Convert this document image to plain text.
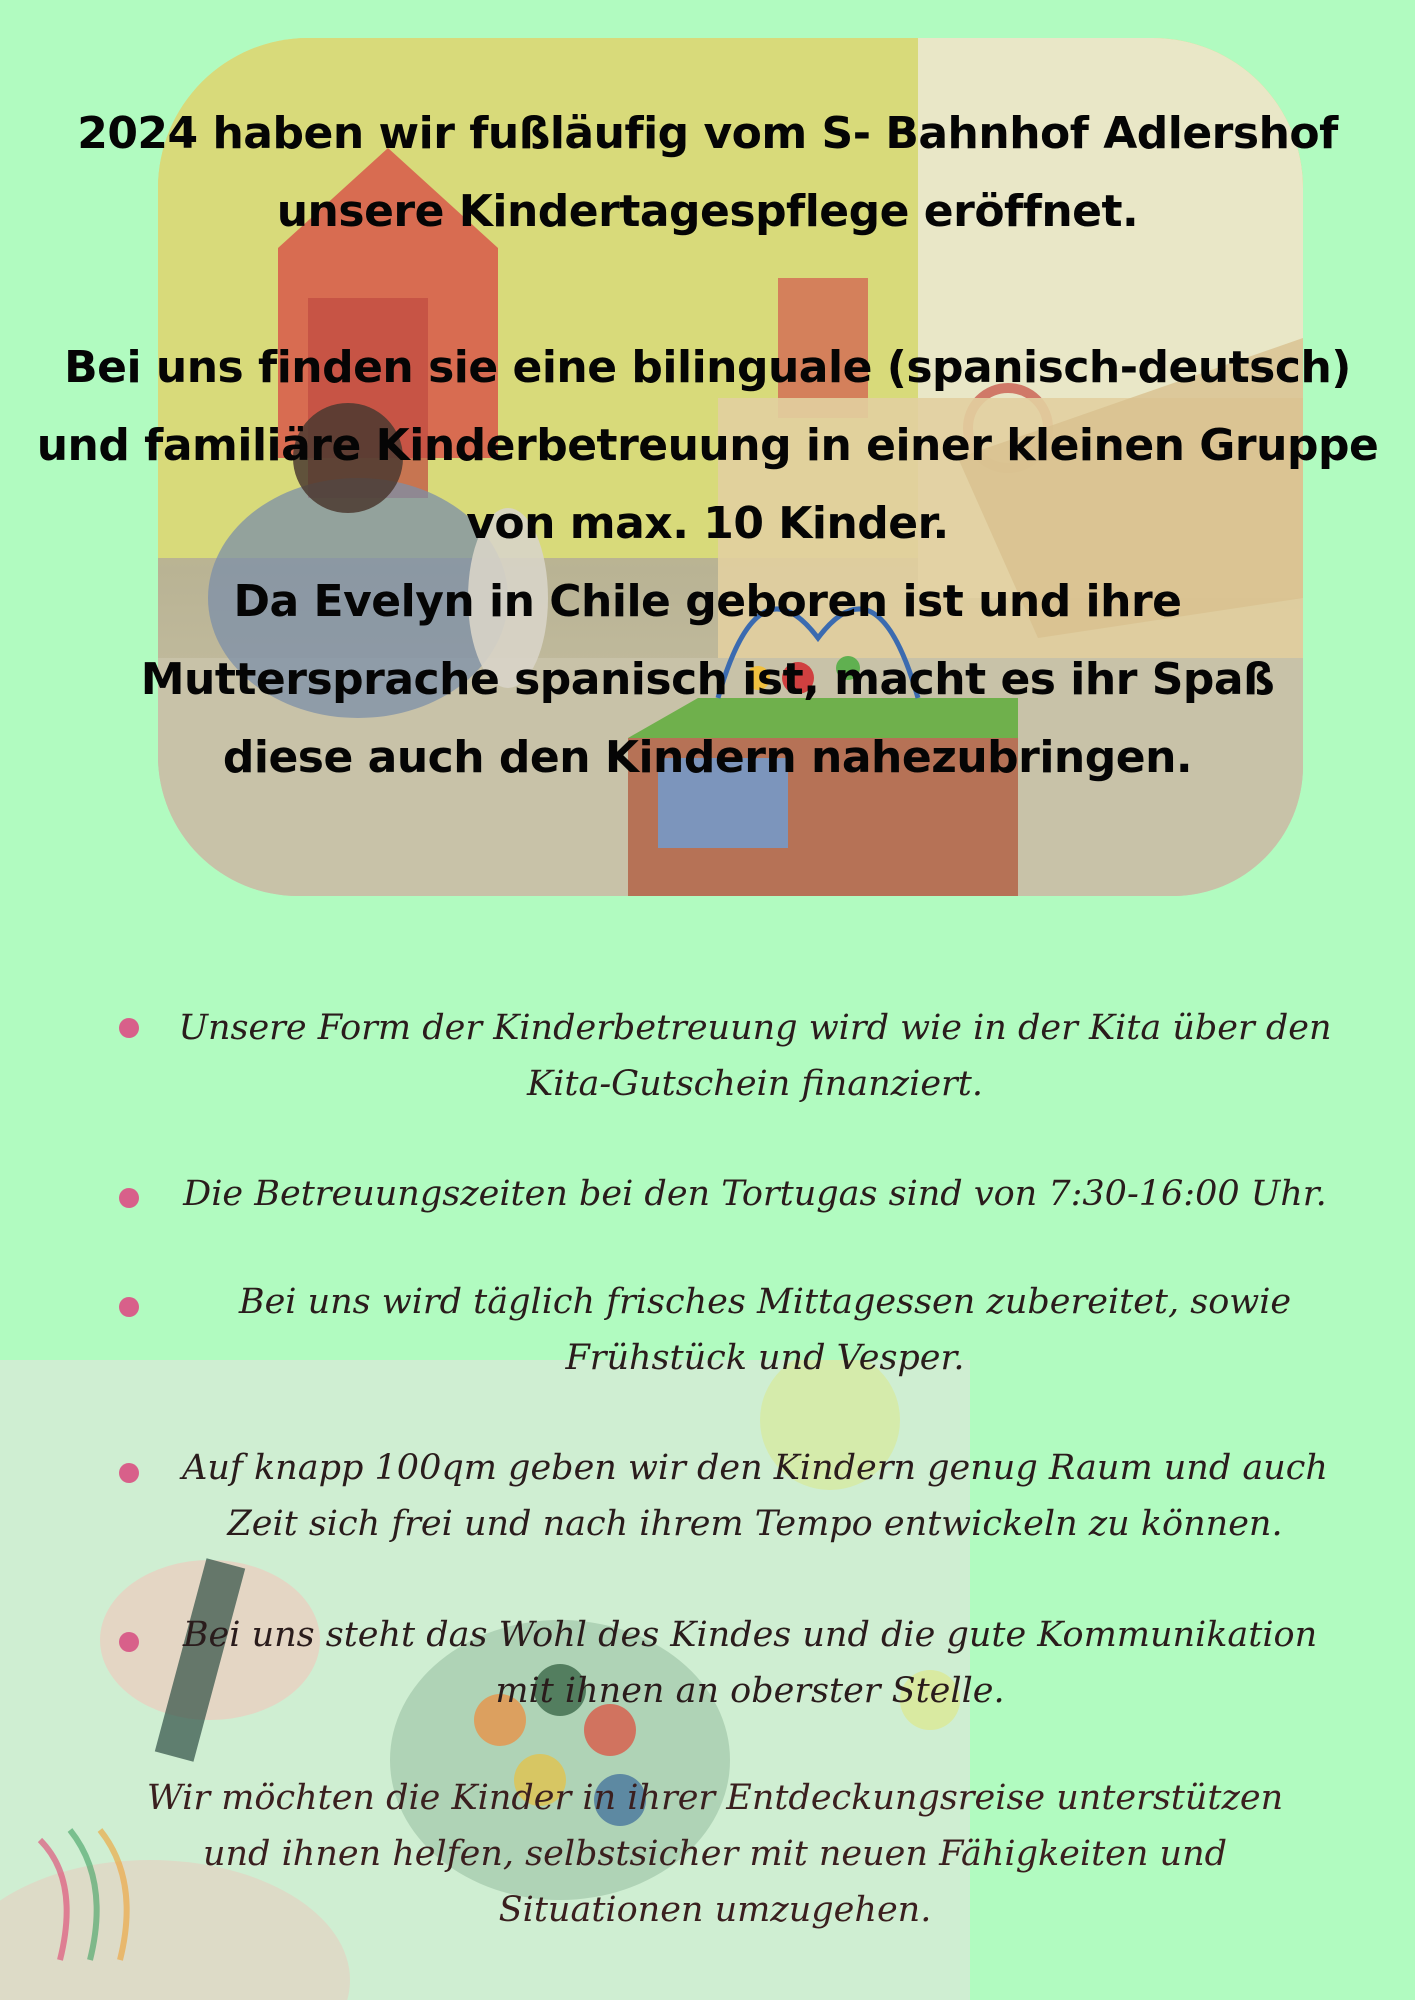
2024 haben wir fußläufig vom S- Bahnhof Adlershof unsere Kindertagespflege eröffnet.

Bei uns finden sie eine bilinguale (spanisch-deutsch) und familiäre Kinderbetreuung in einer kleinen Gruppe von max. 10 Kinder.

Da Evelyn in Chile geboren ist und ihre Muttersprache spanisch ist, macht es ihr Spaß diese auch den Kindern nahezubringen.

Unsere Form der Kinderbetreuung wird wie in der Kita über den Kita-Gutschein finanziert.
Die Betreuungszeiten bei den Tortugas sind von 7:30-16:00 Uhr.
Bei uns wird täglich frisches Mittagessen zubereitet, sowie Frühstück und Vesper.
Auf knapp 100qm geben wir den Kindern genug Raum und auch Zeit sich frei und nach ihrem Tempo entwickeln zu können.
Bei uns steht das Wohl des Kindes und die gute Kommunikation mit ihnen an oberster Stelle.
Wir möchten die Kinder in ihrer Entdeckungsreise unterstützen und ihnen helfen, selbstsicher mit neuen Fähigkeiten und Situationen umzugehen.
